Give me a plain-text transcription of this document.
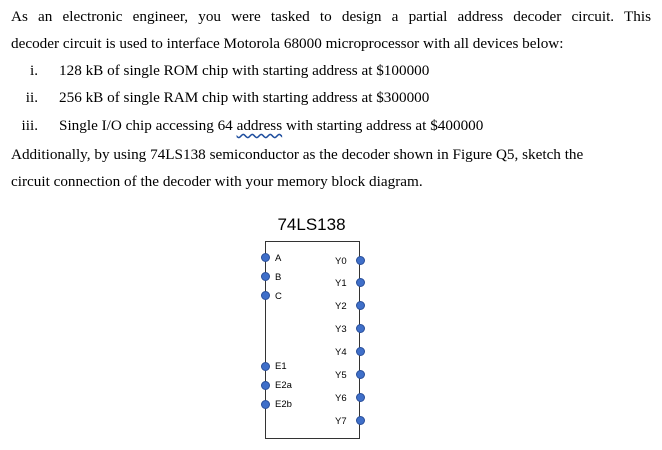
As an electronic engineer, you were tasked to design a partial address decoder circuit. This

decoder circuit is used to interface Motorola 68000 microprocessor with all devices below:

i. 128 kB of single ROM chip with starting address at $100000
ii. 256 kB of single RAM chip with starting address at $300000
iii. Single I/O chip accessing 64 address with starting address at $400000

Additionally, by using 74LS138 semiconductor as the decoder shown in Figure Q5, sketch the

circuit connection of the decoder with your memory block diagram.

74LS138
A
B
C
E1
E2a
E2b
Y0
Y1
Y2
Y3
Y4
Y5
Y6
Y7
